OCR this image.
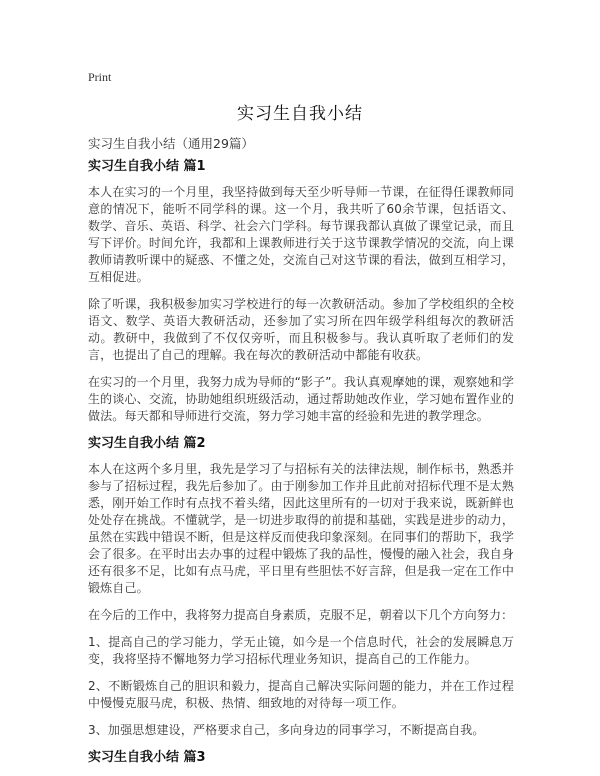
Print
实习生自我小结
实习生自我小结（通用29篇）
实习生自我小结 篇1

本人在实习的一个月里，我坚持做到每天至少听导师一节课，在征得任课教师同意的情况下，能听不同学科的课。这一个月，我共听了60余节课，包括语文、数学、音乐、英语、科学、社会六门学科。每节课我都认真做了课堂记录，而且写下评价。时间允许，我都和上课教师进行关于这节课教学情况的交流，向上课教师请教听课中的疑惑、不懂之处，交流自己对这节课的看法，做到互相学习，互相促进。

除了听课，我积极参加实习学校进行的每一次教研活动。参加了学校组织的全校语文、数学、英语大教研活动，还参加了实习所在四年级学科组每次的教研活动。教研中，我做到了不仅仅旁听，而且积极参与。我认真听取了老师们的发言，也提出了自己的理解。我在每次的教研活动中都能有收获。

在实习的一个月里，我努力成为导师的“影子”。我认真观摩她的课，观察她和学生的谈心、交流，协助她组织班级活动，通过帮助她改作业，学习她布置作业的做法。每天都和导师进行交流，努力学习她丰富的经验和先进的教学理念。

实习生自我小结 篇2

本人在这两个多月里，我先是学习了与招标有关的法律法规，制作标书，熟悉并参与了招标过程，我先后参加了。由于刚参加工作并且此前对招标代理不是太熟悉，刚开始工作时有点找不着头绪，因此这里所有的一切对于我来说，既新鲜也处处存在挑战。不懂就学，是一切进步取得的前提和基础，实践是进步的动力，虽然在实践中错误不断，但是这样反而使我印象深刻。在同事们的帮助下，我学会了很多。在平时出去办事的过程中锻炼了我的品性，慢慢的融入社会，我自身还有很多不足，比如有点马虎，平日里有些胆怯不好言辞，但是我一定在工作中锻炼自己。

在今后的工作中，我将努力提高自身素质，克服不足，朝着以下几个方向努力：

1、提高自己的学习能力，学无止镜，如今是一个信息时代，社会的发展瞬息万变，我将坚持不懈地努力学习招标代理业务知识，提高自己的工作能力。

2、不断锻炼自己的胆识和毅力，提高自己解决实际问题的能力，并在工作过程中慢慢克服马虎，积极、热情、细致地的对待每一项工作。

3、加强思想建设，严格要求自己，多向身边的同事学习，不断提高自我。

实习生自我小结 篇3
